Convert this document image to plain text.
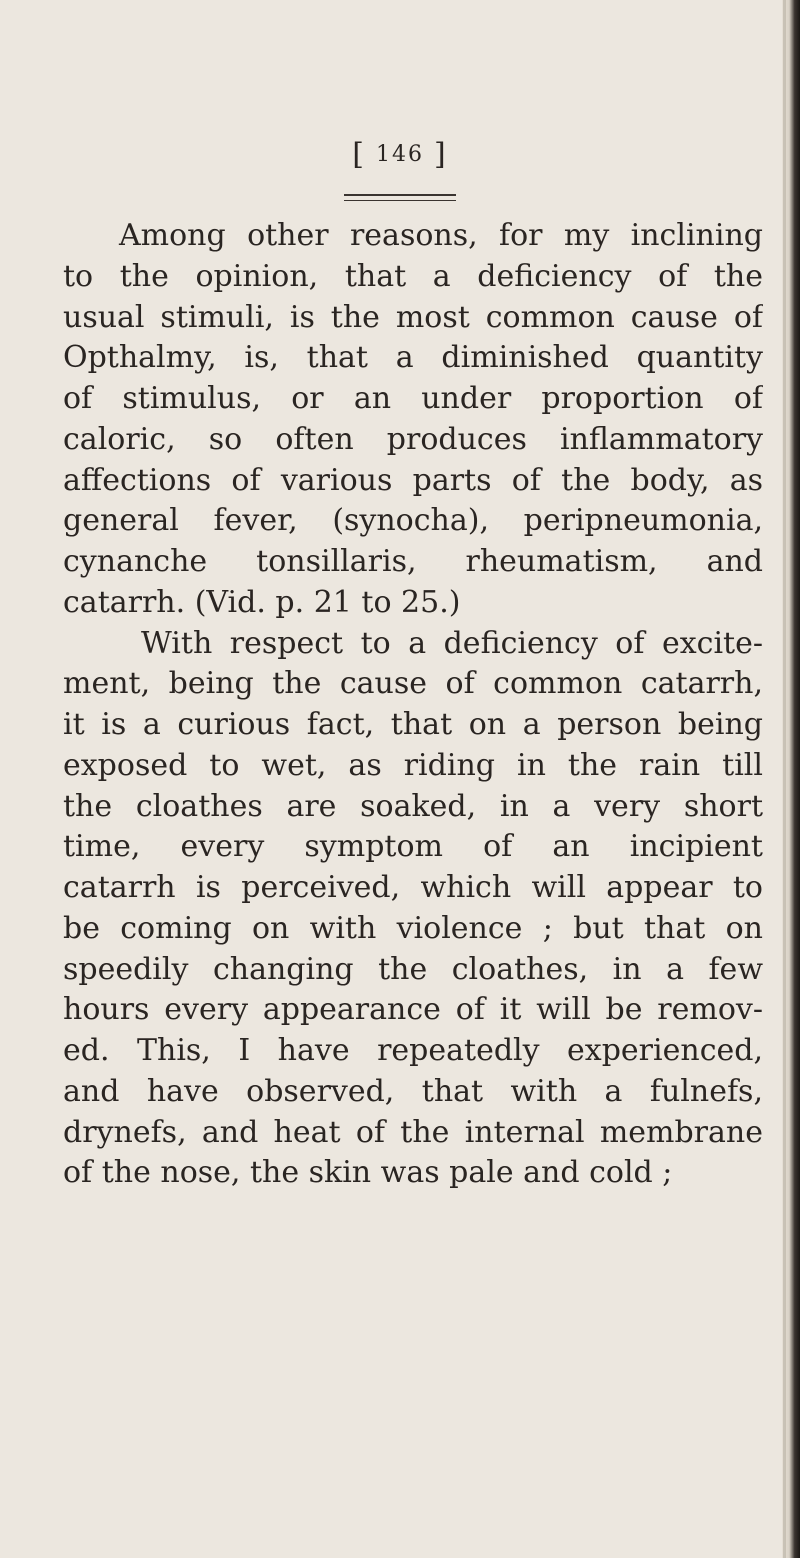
[ 146 ]
Among other reasons, for my inclining
to the opinion, that a deficiency of the
usual stimuli, is the most common cause of
Opthalmy, is, that a diminished quantity
of stimulus, or an under proportion of
caloric, so often produces inflammatory
affections of various parts of the body, as
general fever, (synocha), peripneumonia,
cynanche tonsillaris, rheumatism, and
catarrh. (Vid. p. 21 to 25.)
With respect to a deficiency of excite-
ment, being the cause of common catarrh,
it is a curious fact, that on a person being
exposed to wet, as riding in the rain till
the cloathes are soaked, in a very short
time, every symptom of an incipient
catarrh is perceived, which will appear to
be coming on with violence ; but that on
speedily changing the cloathes, in a few
hours every appearance of it will be remov-
ed. This, I have repeatedly experienced,
and have observed, that with a fulnefs,
drynefs, and heat of the internal membrane
of the nose, the skin was pale and cold ;
